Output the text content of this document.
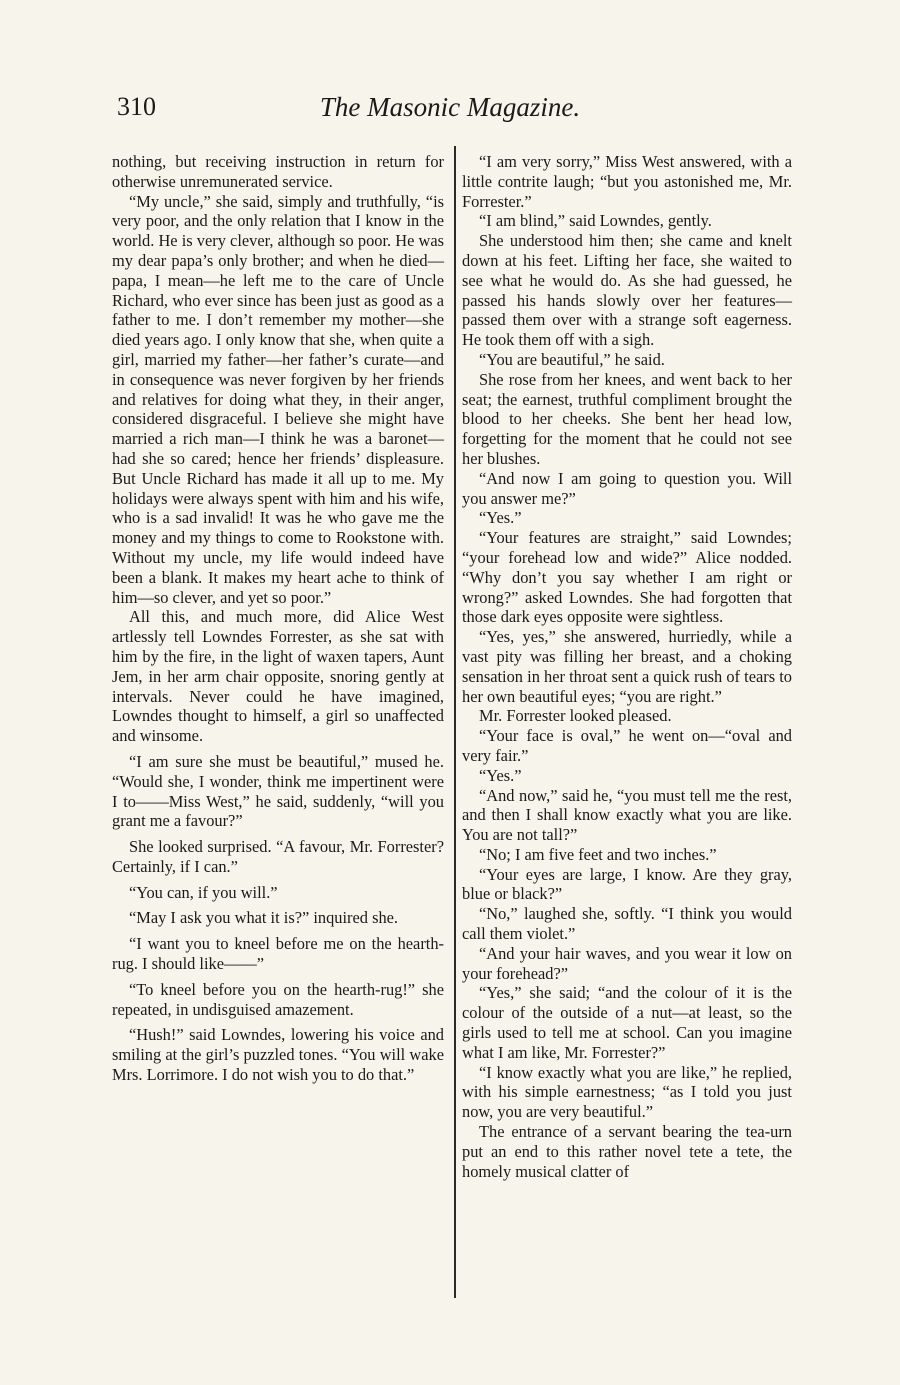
310	The Masonic Magazine.

nothing, but receiving instruction in return for otherwise unremunerated service.

“My uncle,” she said, simply and truthfully, “is very poor, and the only relation that I know in the world. He is very clever, although so poor. He was my dear papa’s only brother; and when he died—papa, I mean—he left me to the care of Uncle Richard, who ever since has been just as good as a father to me. I don’t remember my mother—she died years ago. I only know that she, when quite a girl, married my father—her father’s curate—and in consequence was never forgiven by her friends and relatives for doing what they, in their anger, considered disgraceful. I believe she might have married a rich man—I think he was a baronet—had she so cared; hence her friends’ displeasure. But Uncle Richard has made it all up to me. My holidays were always spent with him and his wife, who is a sad invalid! It was he who gave me the money and my things to come to Rookstone with. Without my uncle, my life would indeed have been a blank. It makes my heart ache to think of him—so clever, and yet so poor.”

All this, and much more, did Alice West artlessly tell Lowndes Forrester, as she sat with him by the fire, in the light of waxen tapers, Aunt Jem, in her arm chair opposite, snoring gently at intervals. Never could he have imagined, Lowndes thought to himself, a girl so unaffected and winsome.

“I am sure she must be beautiful,” mused he. “Would she, I wonder, think me impertinent were I to——Miss West,” he said, suddenly, “will you grant me a favour?”

She looked surprised. “A favour, Mr. Forrester? Certainly, if I can.”

“You can, if you will.”

“May I ask you what it is?” inquired she.

“I want you to kneel before me on the hearth-rug. I should like——”

“To kneel before you on the hearth-rug!” she repeated, in undisguised amazement.

“Hush!” said Lowndes, lowering his voice and smiling at the girl’s puzzled tones. “You will wake Mrs. Lorrimore. I do not wish you to do that.”

“I am very sorry,” Miss West answered, with a little contrite laugh; “but you astonished me, Mr. Forrester.”

“I am blind,” said Lowndes, gently.

She understood him then; she came and knelt down at his feet. Lifting her face, she waited to see what he would do. As she had guessed, he passed his hands slowly over her features—passed them over with a strange soft eagerness. He took them off with a sigh.

“You are beautiful,” he said.

She rose from her knees, and went back to her seat; the earnest, truthful compliment brought the blood to her cheeks. She bent her head low, forgetting for the moment that he could not see her blushes.

“And now I am going to question you. Will you answer me?”

“Yes.”

“Your features are straight,” said Lowndes; “your forehead low and wide?” Alice nodded. “Why don’t you say whether I am right or wrong?” asked Lowndes. She had forgotten that those dark eyes opposite were sightless.

“Yes, yes,” she answered, hurriedly, while a vast pity was filling her breast, and a choking sensation in her throat sent a quick rush of tears to her own beautiful eyes; “you are right.”

Mr. Forrester looked pleased.

“Your face is oval,” he went on—“oval and very fair.”

“Yes.”

“And now,” said he, “you must tell me the rest, and then I shall know exactly what you are like. You are not tall?”

“No; I am five feet and two inches.”

“Your eyes are large, I know. Are they gray, blue or black?”

“No,” laughed she, softly. “I think you would call them violet.”

“And your hair waves, and you wear it low on your forehead?”

“Yes,” she said; “and the colour of it is the colour of the outside of a nut—at least, so the girls used to tell me at school. Can you imagine what I am like, Mr. Forrester?”

“I know exactly what you are like,” he replied, with his simple earnestness; “as I told you just now, you are very beautiful.”

The entrance of a servant bearing the tea-urn put an end to this rather novel tete a tete, the homely musical clatter of
